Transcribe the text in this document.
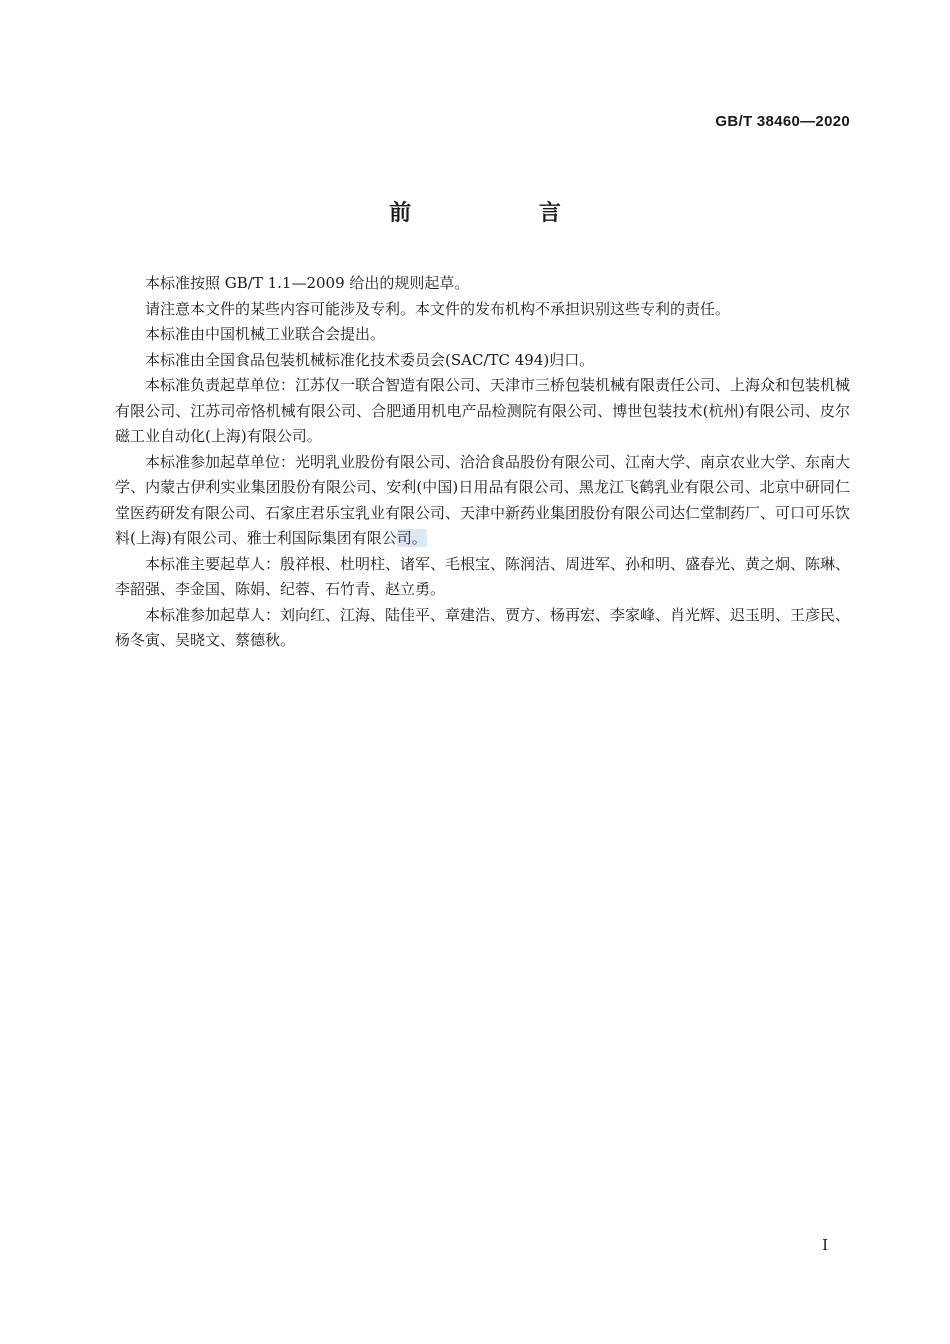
GB/T 38460—2020
前 言

本标准按照 GB/T 1.1—2009 给出的规则起草。

请注意本文件的某些内容可能涉及专利。本文件的发布机构不承担识别这些专利的责任。

本标准由中国机械工业联合会提出。

本标准由全国食品包装机械标准化技术委员会(SAC/TC 494)归口。

本标准负责起草单位：江苏仅一联合智造有限公司、天津市三桥包装机械有限责任公司、上海众和包装机械有限公司、江苏司帝恪机械有限公司、合肥通用机电产品检测院有限公司、博世包装技术(杭州)有限公司、皮尔磁工业自动化(上海)有限公司。

本标准参加起草单位：光明乳业股份有限公司、洽洽食品股份有限公司、江南大学、南京农业大学、东南大学、内蒙古伊利实业集团股份有限公司、安利(中国)日用品有限公司、黑龙江飞鹤乳业有限公司、北京中研同仁堂医药研发有限公司、石家庄君乐宝乳业有限公司、天津中新药业集团股份有限公司达仁堂制药厂、可口可乐饮料(上海)有限公司、雅士利国际集团有限公司。

本标准主要起草人：殷祥根、杜明柱、诸军、毛根宝、陈润洁、周进军、孙和明、盛春光、黄之炯、陈琳、李韶强、李金国、陈娟、纪蓉、石竹青、赵立勇。

本标准参加起草人：刘向红、江海、陆佳平、章建浩、贾方、杨再宏、李家峰、肖光辉、迟玉明、王彦民、杨冬寅、吴晓文、蔡德秋。

I
